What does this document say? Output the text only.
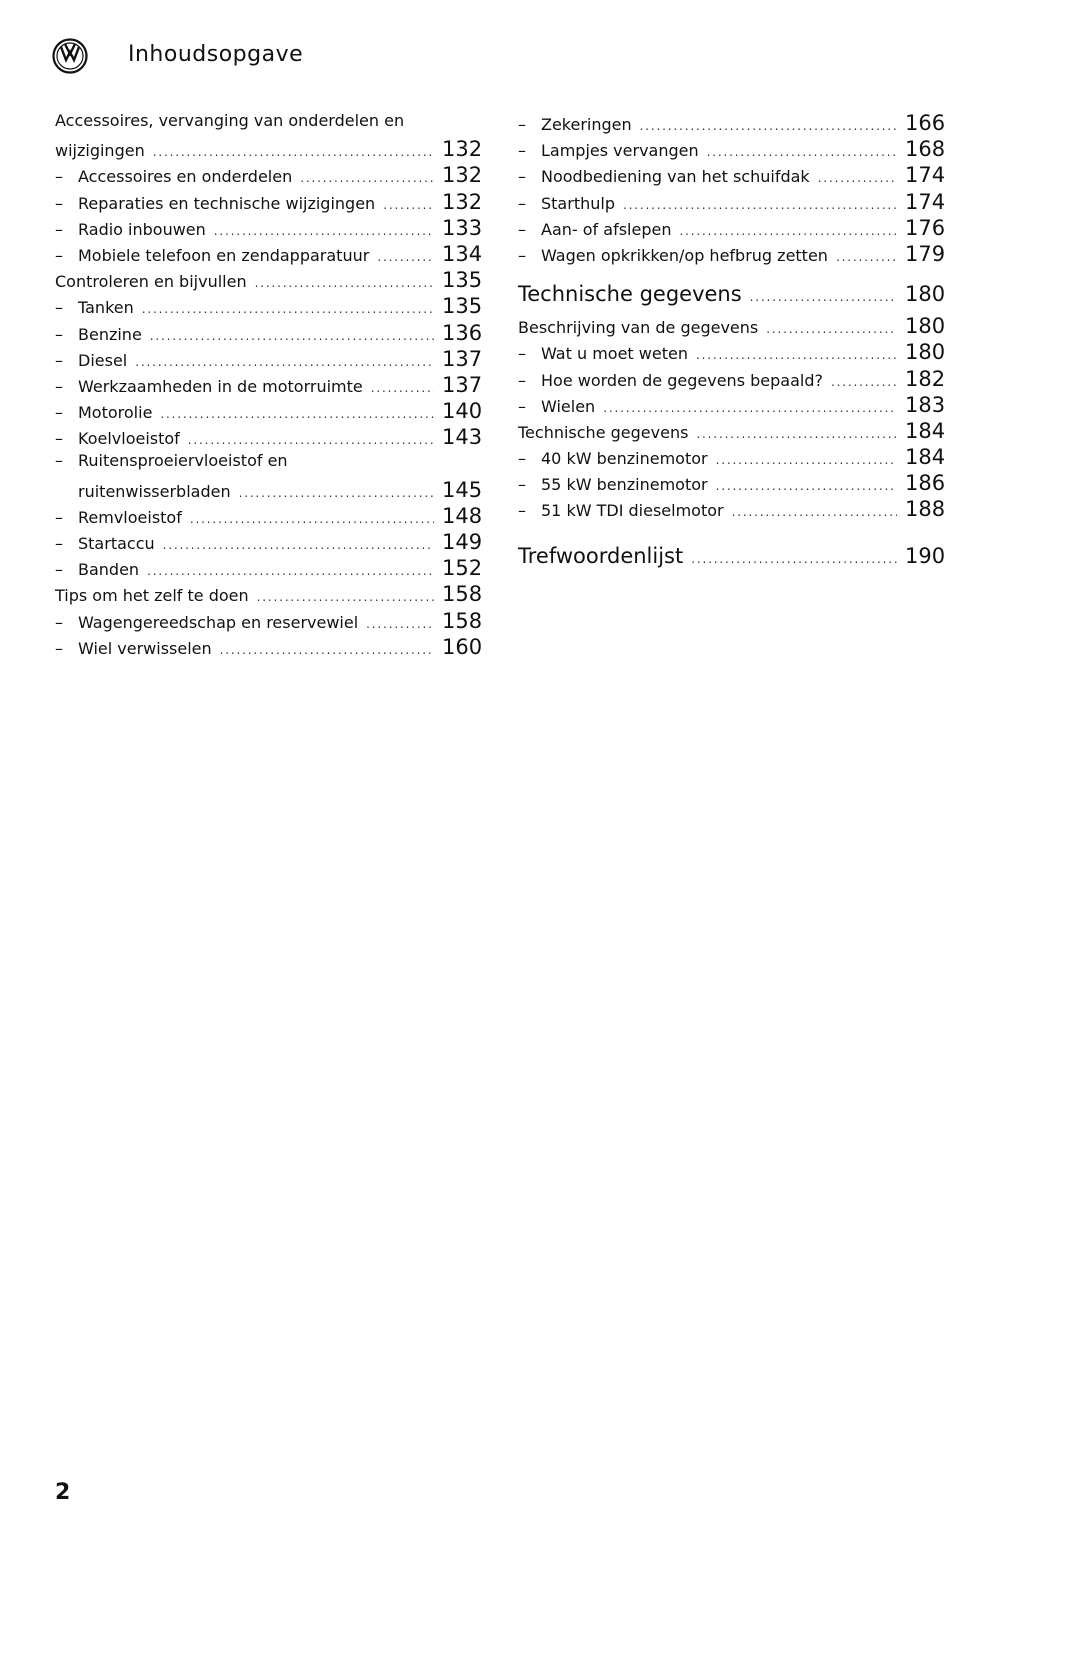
Inhoudsopgave
Accessoires, vervanging van onderdelen en
wijzigingen . . .	132
– Accessoires en onderdelen . . .	132
– Reparaties en technische wijzigingen . . .	132
– Radio inbouwen . . .	133
– Mobiele telefoon en zendapparatuur . . .	134
Controleren en bijvullen . . .	135
– Tanken . . .	135
– Benzine . . .	136
– Diesel . . .	137
– Werkzaamheden in de motorruimte . . .	137
– Motorolie . . .	140
– Koelvloeistof . . .	143
– Ruitensproeiervloeistof en
ruitenwisserbladen . . .	145
– Remvloeistof . . .	148
– Startaccu . . .	149
– Banden . . .	152
Tips om het zelf te doen . . .	158
– Wagengereedschap en reservewiel . . .	158
– Wiel verwisselen . . .	160
– Zekeringen . . .	166
– Lampjes vervangen . . .	168
– Noodbediening van het schuifdak . . .	174
– Starthulp . . .	174
– Aan- of afslepen . . .	176
– Wagen opkrikken/op hefbrug zetten . . .	179
Technische gegevens . . .	180
Beschrijving van de gegevens . . .	180
– Wat u moet weten . . .	180
– Hoe worden de gegevens bepaald? . . .	182
– Wielen . . .	183
Technische gegevens . . .	184
– 40 kW benzinemotor . . .	184
– 55 kW benzinemotor . . .	186
– 51 kW TDI dieselmotor . . .	188
Trefwoordenlijst . . .	190
2
